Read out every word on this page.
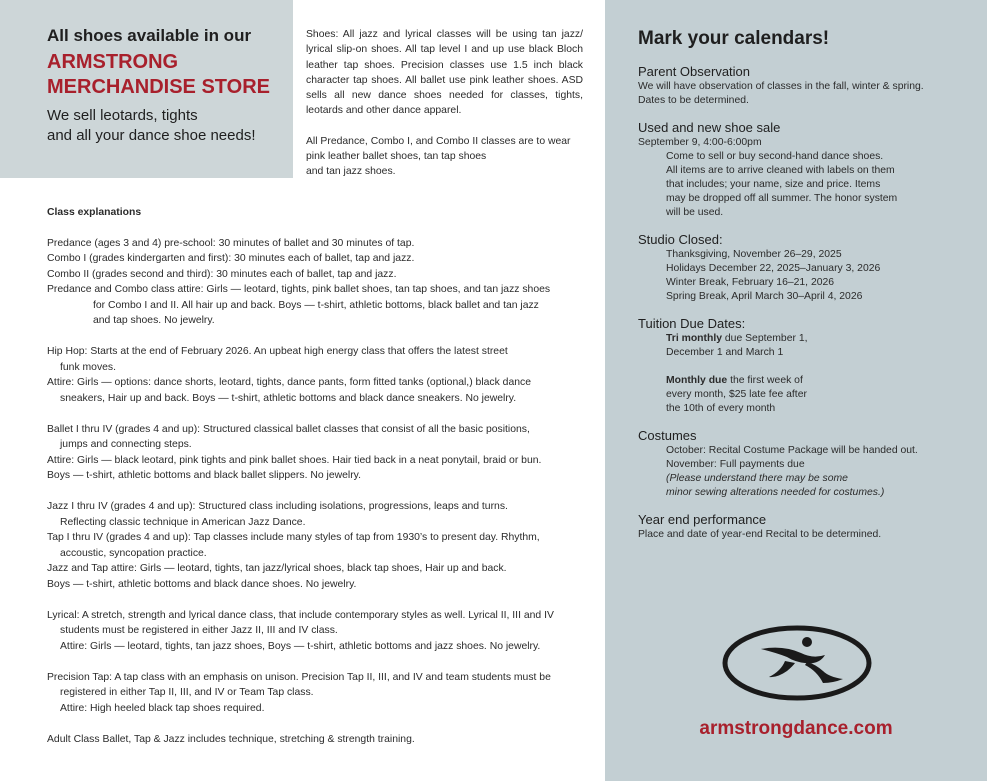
All shoes available in our

ARMSTRONG
MERCHANDISE STORE

We sell leotards, tights
and all your dance shoe needs!

Shoes: All jazz and lyrical classes will be using tan jazz/ lyrical slip-on shoes. All tap level I and up use black Bloch leather tap shoes. Precision classes use 1.5 inch black character tap shoes. All ballet use pink leather shoes. ASD sells all new dance shoes needed for classes, tights, leotards and other dance apparel.

All Predance, Combo I, and Combo II classes are to wear
pink leather ballet shoes, tan tap shoes
and tan jazz shoes.

Class explanations

Predance (ages 3 and 4) pre-school: 30 minutes of ballet and 30 minutes of tap.

Combo I (grades kindergarten and first): 30 minutes each of ballet, tap and jazz.

Combo II (grades second and third): 30 minutes each of ballet, tap and jazz.

Predance and Combo class attire: Girls — leotard, tights, pink ballet shoes, tan tap shoes, and tan jazz shoes
for Combo I and II. All hair up and back. Boys — t-shirt, athletic bottoms, black ballet and tan jazz
and tap shoes. No jewelry.

Hip Hop: Starts at the end of February 2026. An upbeat high energy class that offers the latest street
funk moves.

Attire: Girls — options: dance shorts, leotard, tights, dance pants, form fitted tanks (optional,) black dance
sneakers, Hair up and back. Boys — t-shirt, athletic bottoms and black dance sneakers. No jewelry.

Ballet I thru IV (grades 4 and up): Structured classical ballet classes that consist of all the basic positions,
jumps and connecting steps.

Attire: Girls — black leotard, pink tights and pink ballet shoes. Hair tied back in a neat ponytail, braid or bun.

Boys — t-shirt, athletic bottoms and black ballet slippers. No jewelry.

Jazz I thru IV (grades 4 and up): Structured class including isolations, progressions, leaps and turns.
Reflecting classic technique in American Jazz Dance.

Tap I thru IV (grades 4 and up): Tap classes include many styles of tap from 1930’s to present day. Rhythm,
accoustic, syncopation practice.

Jazz and Tap attire: Girls — leotard, tights, tan jazz/lyrical shoes, black tap shoes, Hair up and back.

Boys — t-shirt, athletic bottoms and black dance shoes. No jewelry.

Lyrical: A stretch, strength and lyrical dance class, that include contemporary styles as well. Lyrical II, III and IV
students must be registered in either Jazz II, III and IV class.

Attire: Girls — leotard, tights, tan jazz shoes, Boys — t-shirt, athletic bottoms and jazz shoes. No jewelry.

Precision Tap: A tap class with an emphasis on unison. Precision Tap II, III, and IV and team students must be
registered in either Tap II, III, and IV or Team Tap class.

Attire: High heeled black tap shoes required.

Adult Class Ballet, Tap & Jazz includes technique, stretching & strength training.

Mark your calendars!

Parent Observation

We will have observation of classes in the fall, winter & spring.
Dates to be determined.

Used and new shoe sale

September 9, 4:00-6:00pm

Come to sell or buy second-hand dance shoes.
All items are to arrive cleaned with labels on them
that includes; your name, size and price. Items
may be dropped off all summer. The honor system
will be used.

Studio Closed:

Thanksgiving, November 26–29, 2025

Holidays December 22, 2025–January 3, 2026

Winter Break, February 16–21, 2026

Spring Break, April March 30–April 4, 2026

Tuition Due Dates:

Tri monthly due September 1,
December 1 and March 1

Monthly due the first week of
every month, $25 late fee after
the 10th of every month

Costumes

October: Recital Costume Package will be handed out.
November: Full payments due
(Please understand there may be some
minor sewing alterations needed for costumes.)

Year end performance

Place and date of year-end Recital to be determined.

armstrongdance.com
